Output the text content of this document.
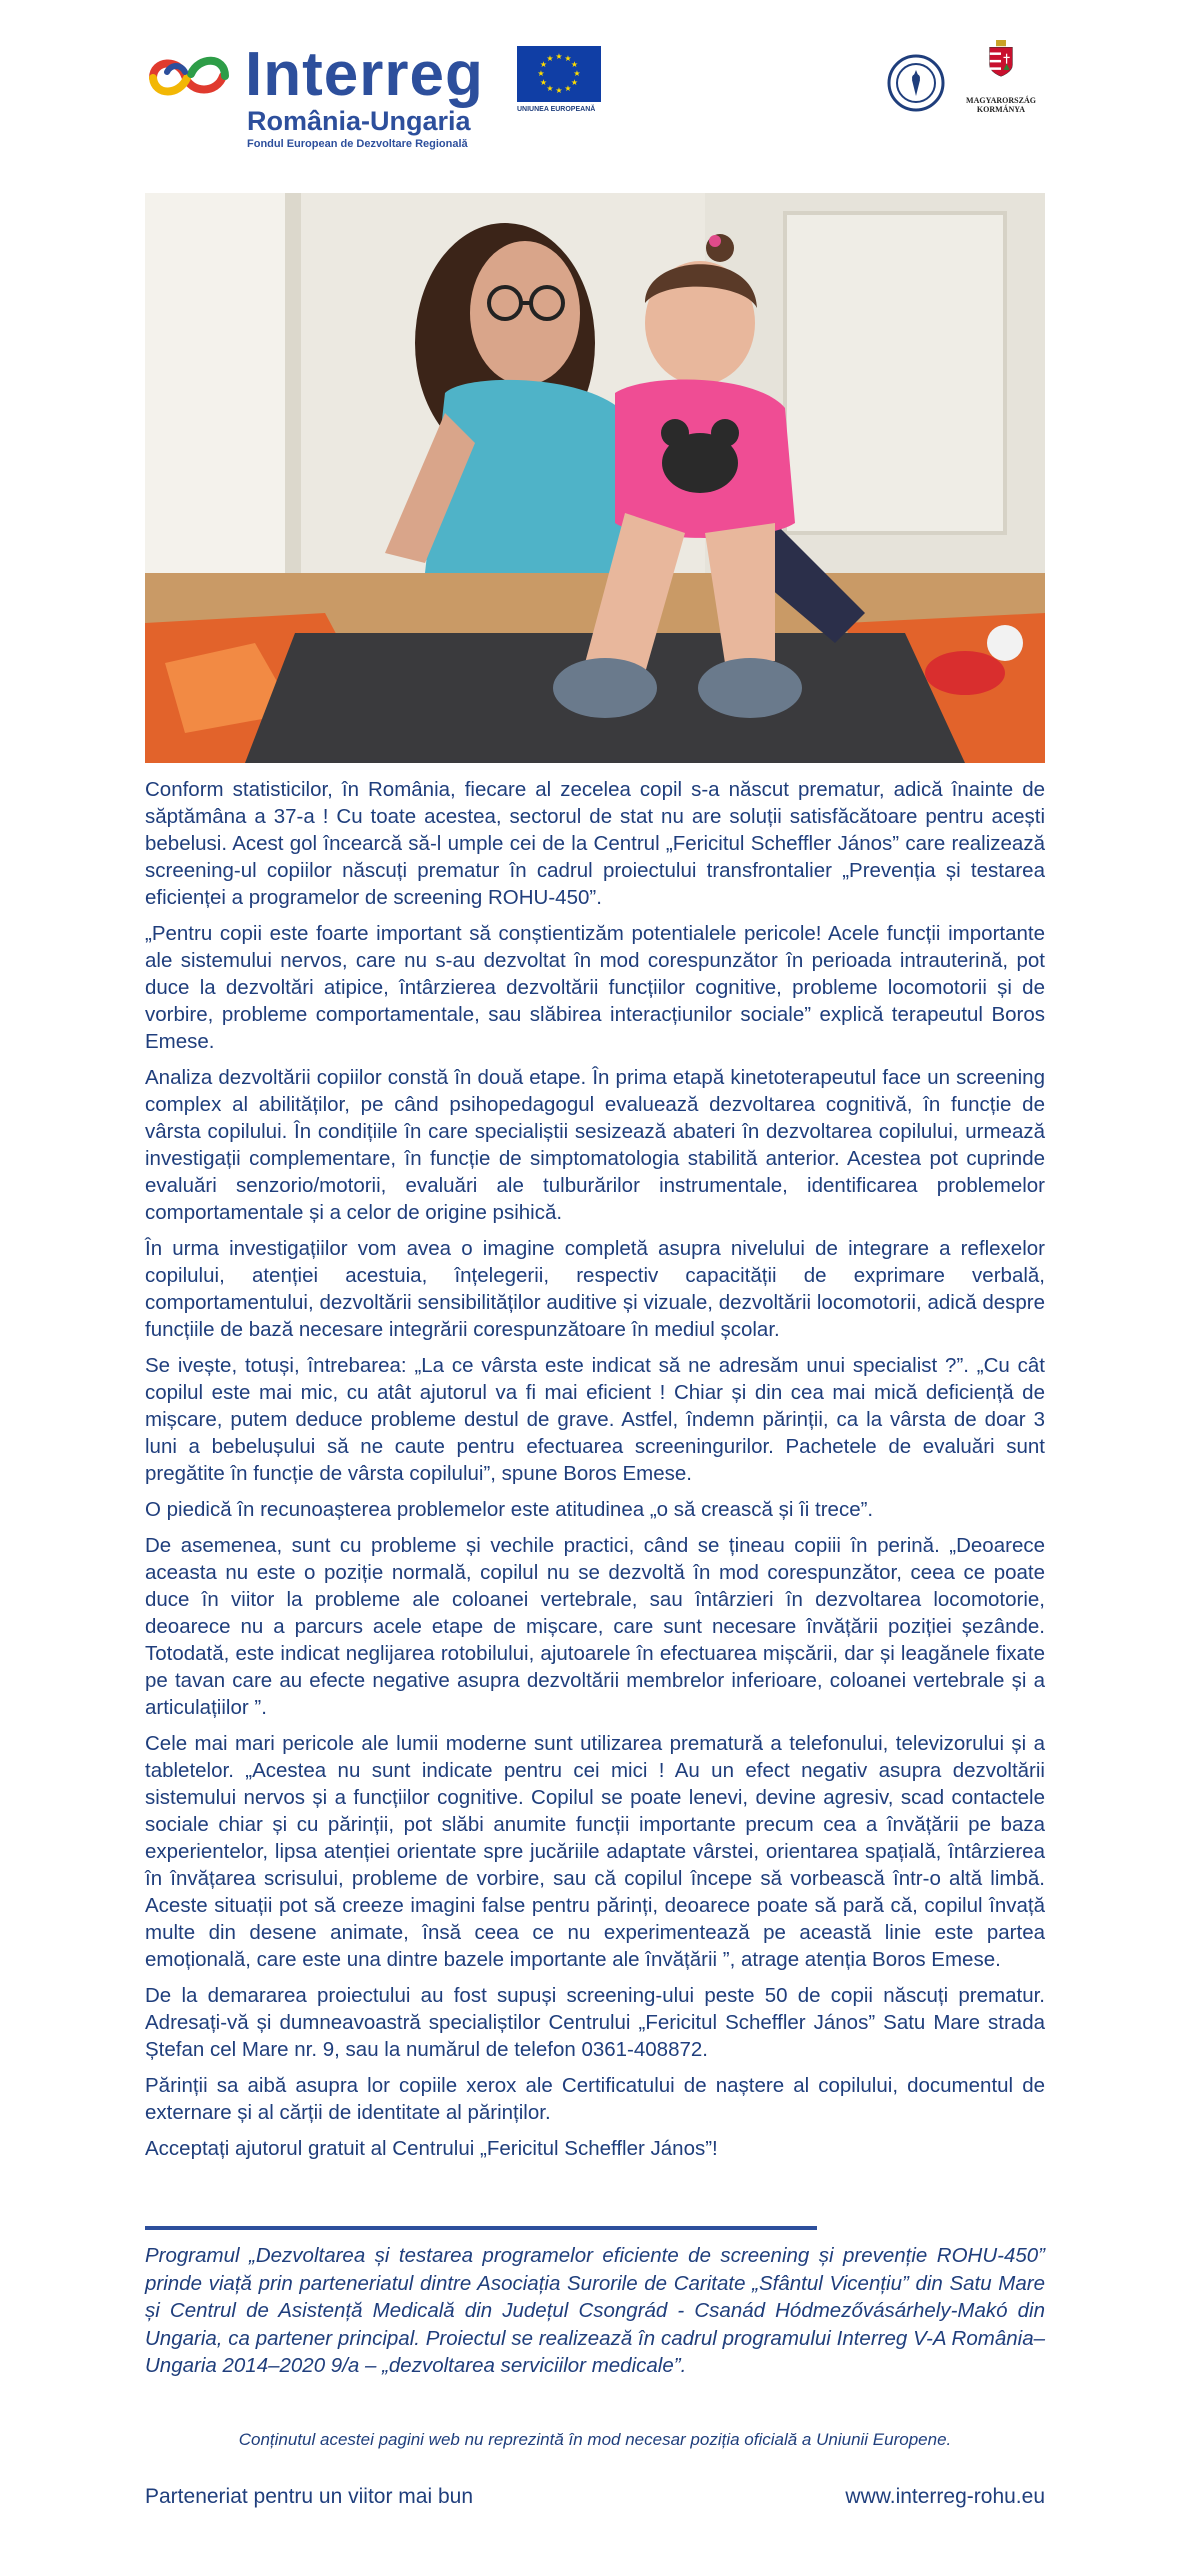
Interreg
România-Ungaria
Fondul European de Dezvoltare Regională
★ ★
★
★
★
★
★
★
★
★
★
★
UNIUNEA EUROPEANĂ
MAGYARORSZÁG
KORMÁNYA

Conform statisticilor, în România, fiecare al zecelea copil s-a născut prematur, adică înainte de săptămâna a 37-a ! Cu toate acestea, sectorul de stat nu are soluții satisfăcătoare pentru acești bebelusi. Acest gol încearcă să-l umple cei de la Centrul „Fericitul Scheffler János” care realizează screening-ul copiilor născuți prematur în cadrul proiectului transfrontalier „Prevenția și testarea eficienței a programelor de screening ROHU-450”.

„Pentru copii este foarte important să conștientizăm potentialele pericole! Acele funcții importante ale sistemului nervos, care nu s-au dezvoltat în mod corespunzător în perioada intrauterină, pot duce la dezvoltări atipice, întârzierea dezvoltării funcțiilor cognitive, probleme locomotorii și de vorbire, probleme comportamentale, sau slăbirea interacțiunilor sociale” explică terapeutul Boros Emese.

Analiza dezvoltării copiilor constă în două etape. În prima etapă kinetoterapeutul face un screening complex al abilităților, pe când psihopedagogul evaluează dezvoltarea cognitivă, în funcție de vârsta copilului. În condițiile în care specialiștii sesizează abateri în dezvoltarea copilului, urmează investigații complementare, în funcție de simptomatologia stabilită anterior. Acestea pot cuprinde evaluări senzorio/motorii, evaluări ale tulburărilor instrumentale, identificarea problemelor comportamentale și a celor de origine psihică.

În urma investigațiilor vom avea o imagine completă asupra nivelului de integrare a reflexelor copilului, atenției acestuia, înțelegerii, respectiv capacității de exprimare verbală, comportamentului, dezvoltării sensibilităților auditive și vizuale, dezvoltării locomotorii, adică despre funcțiile de bază necesare integrării corespunzătoare în mediul școlar.

Se ivește, totuși, întrebarea: „La ce vârsta este indicat să ne adresăm unui specialist ?”. „Cu cât copilul este mai mic, cu atât ajutorul va fi mai eficient ! Chiar și din cea mai mică deficiență de mișcare, putem deduce probleme destul de grave. Astfel, îndemn părinții, ca la vârsta de doar 3 luni a bebelușului să ne caute pentru efectuarea screeningurilor. Pachetele de evaluări sunt pregătite în funcție de vârsta copilului”, spune Boros Emese.

O piedică în recunoașterea problemelor este atitudinea „o să crească și îi trece”.

De asemenea, sunt cu probleme și vechile practici, când se țineau copiii în perină. „Deoarece aceasta nu este o poziție normală, copilul nu se dezvoltă în mod corespunzător, ceea ce poate duce în viitor la probleme ale coloanei vertebrale, sau întârzieri în dezvoltarea locomotorie, deoarece nu a parcurs acele etape de mișcare, care sunt necesare învățării poziției șezânde. Totodată, este indicat neglijarea rotobilului, ajutoarele în efectuarea mișcării, dar și leagănele fixate pe tavan care au efecte negative asupra dezvoltării membrelor inferioare, coloanei vertebrale și a articulațiilor ”.

Cele mai mari pericole ale lumii moderne sunt utilizarea prematură a telefonului, televizorului și a tabletelor. „Acestea nu sunt indicate pentru cei mici ! Au un efect negativ asupra dezvoltării sistemului nervos și a funcțiilor cognitive. Copilul se poate lenevi, devine agresiv, scad contactele sociale chiar și cu părinții, pot slăbi anumite funcții importante precum cea a învățării pe baza experientelor, lipsa atenției orientate spre jucăriile adaptate vârstei, orientarea spațială, întârzierea în învățarea scrisului, probleme de vorbire, sau că copilul începe să vorbească într-o altă limbă. Aceste situații pot să creeze imagini false pentru părinți, deoarece poate să pară că, copilul învață multe din desene animate, însă ceea ce nu experimentează pe această linie este partea emoțională, care este una dintre bazele importante ale învățării ”, atrage atenția Boros Emese.

De la demararea proiectului au fost supuși screening-ului peste 50 de copii născuți prematur. Adresați-vă și dumneavoastră specialiștilor Centrului „Fericitul Scheffler János” Satu Mare strada Ștefan cel Mare nr. 9, sau la numărul de telefon 0361-408872.

Părinții sa aibă asupra lor copiile xerox ale Certificatului de naștere al copilului, documentul de externare și al cărții de identitate al părinților.

Acceptați ajutorul gratuit al Centrului „Fericitul Scheffler János”!

Programul „Dezvoltarea și testarea programelor eficiente de screening și prevenție ROHU-450” prinde viață prin parteneriatul dintre Asociația Surorile de Caritate „Sfântul Vicențiu” din Satu Mare și Centrul de Asistență Medicală din Județul Csongrád - Csanád Hódmezővásárhely-Makó din Ungaria, ca partener principal. Proiectul se realizează în cadrul programului Interreg V-A România–Ungaria 2014–2020 9/a – „dezvoltarea serviciilor medicale”.
Conținutul acestei pagini web nu reprezintă în mod necesar poziția oficială a Uniunii Europene.
Parteneriat pentru un viitor mai bun	www.interreg-rohu.eu
